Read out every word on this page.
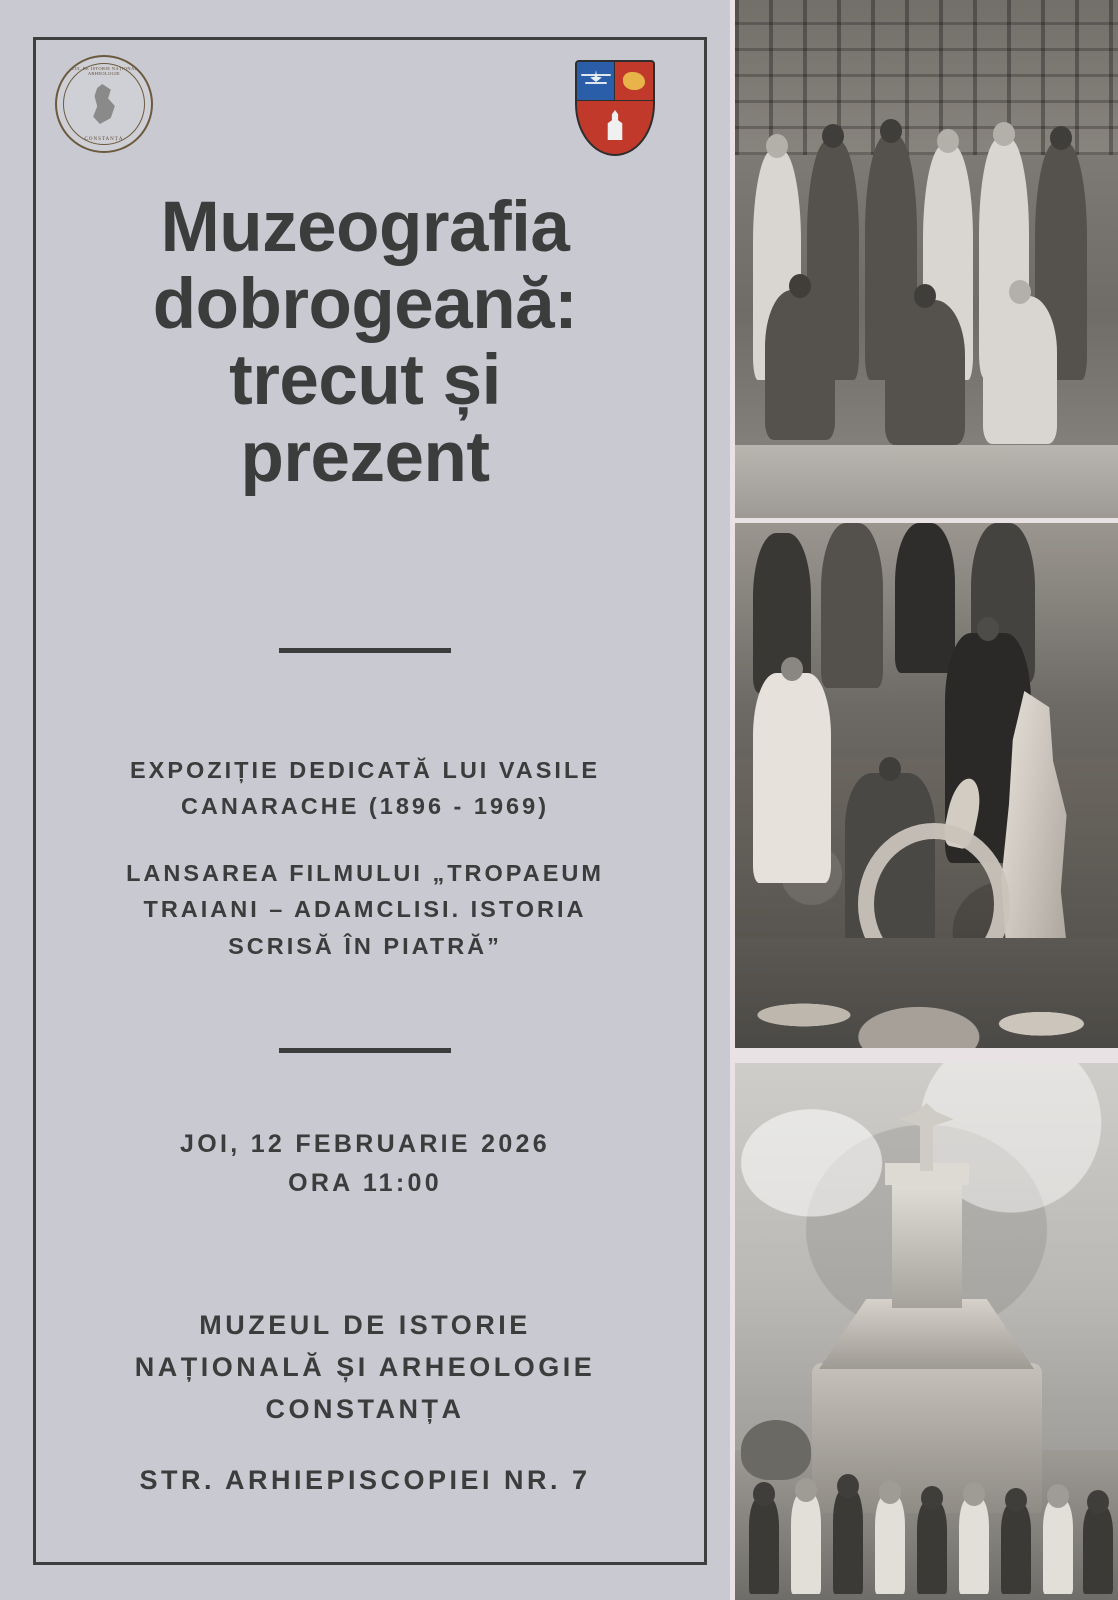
MUZEUL DE ISTORIE NAȚIONALĂ ȘI ARHEOLOGIE
CONSTANȚA
Muzeografia
dobrogeană:
trecut și
prezent
EXPOZIȚIE DEDICATĂ LUI VASILE
CANARACHE (1896 - 1969)
LANSAREA FILMULUI „TROPAEUM
TRAIANI – ADAMCLISI. ISTORIA
SCRISĂ ÎN PIATRĂ”
JOI, 12 FEBRUARIE 2026
ORA 11:00
MUZEUL DE ISTORIE
NAȚIONALĂ ȘI ARHEOLOGIE
CONSTANȚA
STR. ARHIEPISCOPIEI NR. 7
